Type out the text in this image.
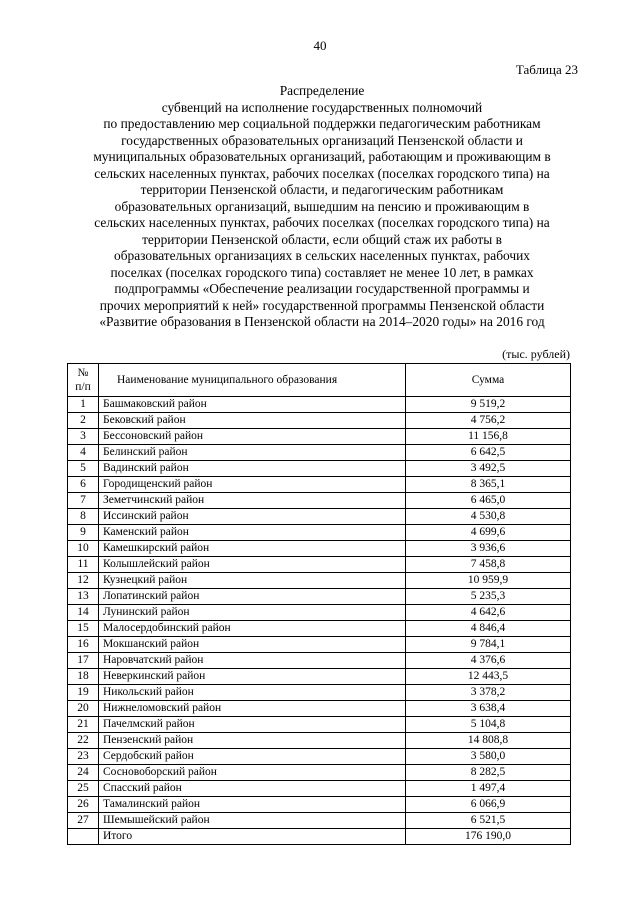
40
Таблица 23
Распределение
субвенций на исполнение государственных полномочий
по предоставлению мер социальной поддержки педагогическим работникам
государственных образовательных организаций Пензенской области и
муниципальных образовательных организаций, работающим и проживающим в
сельских населенных пунктах, рабочих поселках (поселках городского типа) на
территории Пензенской области, и педагогическим работникам
образовательных организаций, вышедшим на пенсию и проживающим в
сельских населенных пунктах, рабочих поселках (поселках городского типа) на
территории Пензенской области, если общий стаж их работы в
образовательных организациях в сельских населенных пунктах, рабочих
поселках (поселках городского типа) составляет не менее 10 лет, в рамках
подпрограммы «Обеспечение реализации государственной программы и
прочих мероприятий к ней» государственной программы Пензенской области
«Развитие образования в Пензенской области на 2014–2020 годы» на 2016 год
(тыс. рублей)
№
п/п	Наименование муниципального образования	Сумма
1	Башмаковский район	9 519,2
2	Бековский район	4 756,2
3	Бессоновский район	11 156,8
4	Белинский район	6 642,5
5	Вадинский район	3 492,5
6	Городищенский район	8 365,1
7	Земетчинский район	6 465,0
8	Иссинский район	4 530,8
9	Каменский район	4 699,6
10	Камешкирский район	3 936,6
11	Колышлейский район	7 458,8
12	Кузнецкий район	10 959,9
13	Лопатинский район	5 235,3
14	Лунинский район	4 642,6
15	Малосердобинский район	4 846,4
16	Мокшанский район	9 784,1
17	Наровчатский район	4 376,6
18	Неверкинский район	12 443,5
19	Никольский район	3 378,2
20	Нижнеломовский район	3 638,4
21	Пачелмский район	5 104,8
22	Пензенский район	14 808,8
23	Сердобский район	3 580,0
24	Сосновоборский район	8 282,5
25	Спасский район	1 497,4
26	Тамалинский район	6 066,9
27	Шемышейский район	6 521,5
	Итого	176 190,0
